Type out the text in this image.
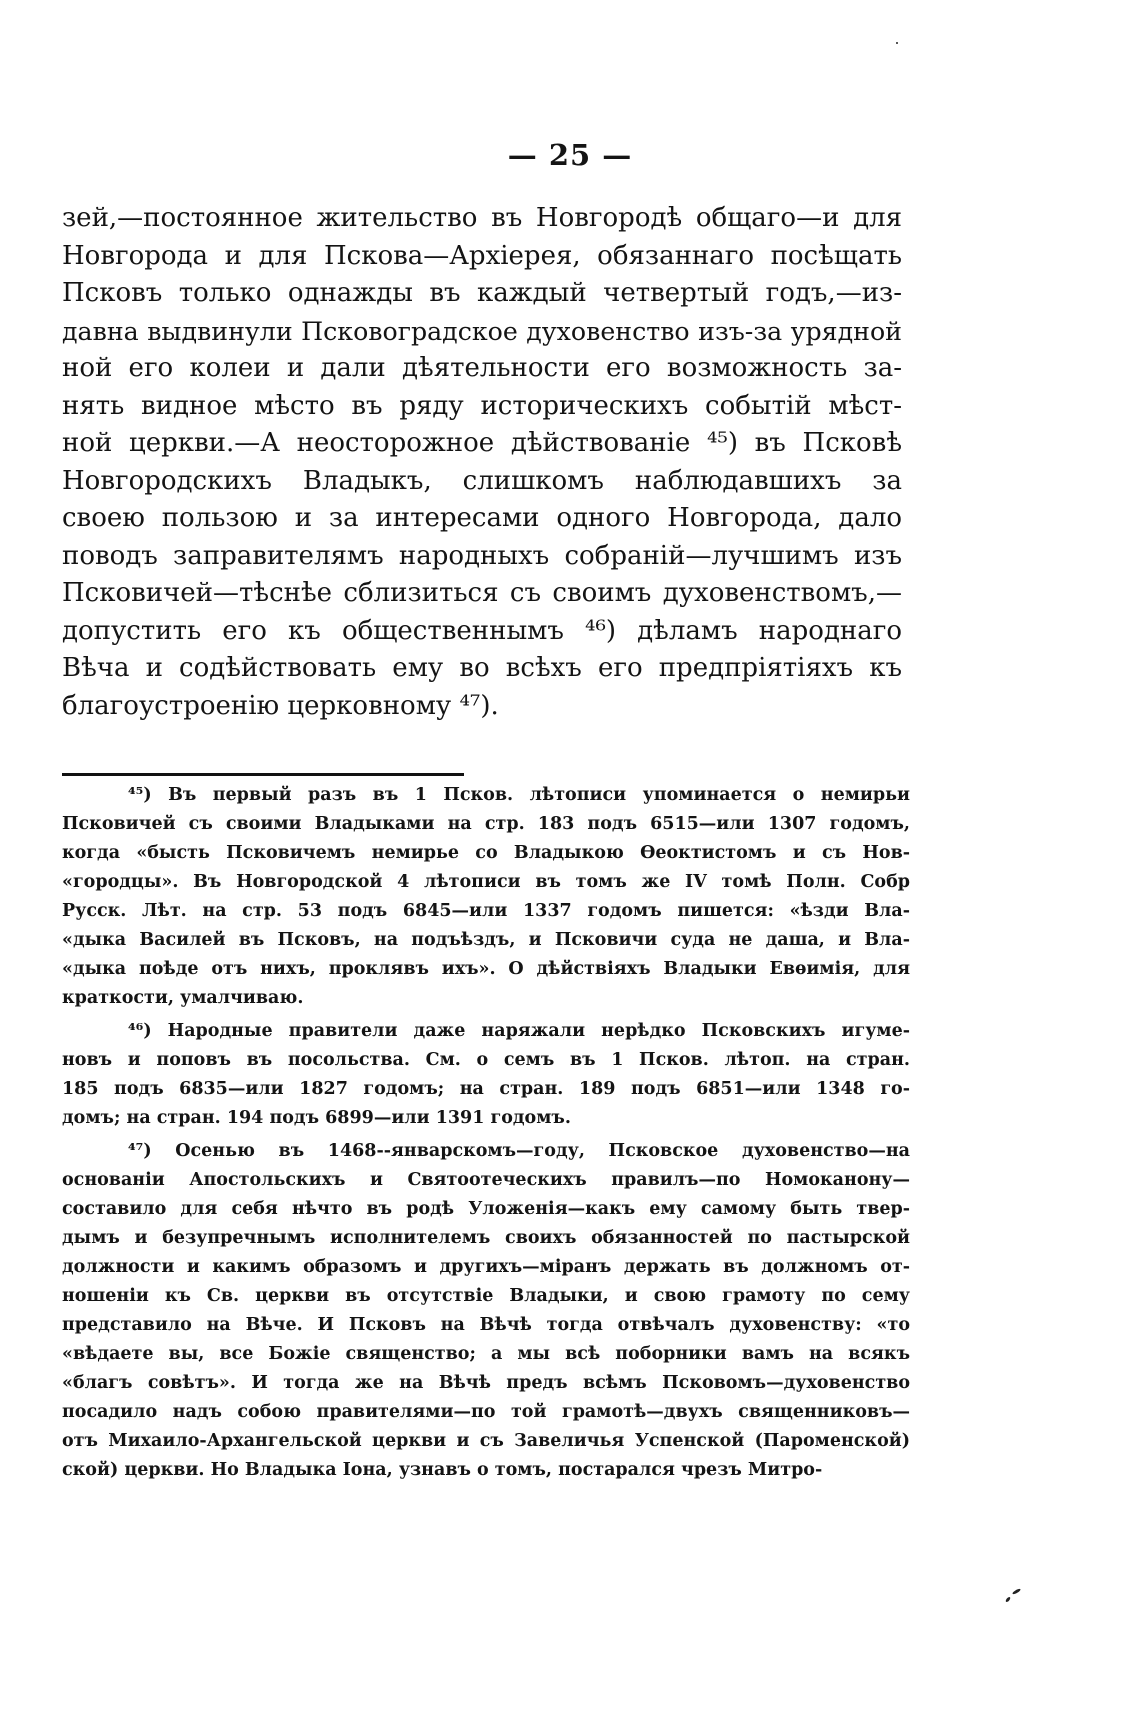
— 25 —
зей,—постоянное жительство въ Новгородѣ общаго—и для
Новгорода и для Пскова—Архіерея, обязаннаго посѣщать
Псковъ только однажды въ каждый четвертый годъ,—из-
давна выдвинули Псковоградское духовенство изъ-за урядной
ной его колеи и дали дѣятельности его возможность за-
нять видное мѣсто въ ряду историческихъ событій мѣст-
ной церкви.—А неосторожное дѣйствованіе ⁴⁵) въ Псковѣ
Новгородскихъ Владыкъ, слишкомъ наблюдавшихъ за
своею пользою и за интересами одного Новгорода, дало
поводъ заправителямъ народныхъ собраній—лучшимъ изъ
Псковичей—тѣснѣе сблизиться съ своимъ духовенствомъ,—
допустить его къ общественнымъ ⁴⁶) дѣламъ народнаго
Вѣча и содѣйствовать ему во всѣхъ его предпріятіяхъ къ
благоустроенію церковному ⁴⁷).
⁴⁵) Въ первый разъ въ 1 Псков. лѣтописи упоминается о немирьи
Псковичей съ своими Владыками на стр. 183 подъ 6515—или 1307 годомъ,
когда «бысть Псковичемъ немирье со Владыкою Өеоктистомъ и съ Нов-
«городцы». Въ Новгородской 4 лѣтописи въ томъ же IV томѣ Полн. Собр
Русск. Лѣт. на стр. 53 подъ 6845—или 1337 годомъ пишется: «ѣзди Вла-
«дыка Василей въ Псковъ, на подъѣздъ, и Псковичи суда не даша, и Вла-
«дыка поѣде отъ нихъ, проклявъ ихъ». О дѣйствіяхъ Владыки Евѳимія, для
краткости, умалчиваю.
⁴⁶) Народные правители даже наряжали нерѣдко Псковскихъ игуме-
новъ и поповъ въ посольства. См. о семъ въ 1 Псков. лѣтоп. на стран.
185 подъ 6835—или 1827 годомъ; на стран. 189 подъ 6851—или 1348 го-
домъ; на стран. 194 подъ 6899—или 1391 годомъ.
⁴⁷) Осенью въ 1468--январскомъ—году, Псковское духовенство—на
основаніи Апостольскихъ и Святоотеческихъ правилъ—по Номоканону—
составило для себя нѣчто въ родѣ Уложенія—какъ ему самому быть твер-
дымъ и безупречнымъ исполнителемъ своихъ обязанностей по пастырской
должности и какимъ образомъ и другихъ—міранъ держать въ должномъ от-
ношеніи къ Св. церкви въ отсутствіе Владыки, и свою грамоту по сему
представило на Вѣче. И Псковъ на Вѣчѣ тогда отвѣчалъ духовенству: «то
«вѣдаете вы, все Божіе священство; а мы всѣ поборники вамъ на всякъ
«благъ совѣтъ». И тогда же на Вѣчѣ предъ всѣмъ Псковомъ—духовенство
посадило надъ собою правителями—по той грамотѣ—двухъ священниковъ—
отъ Михаило-Архангельской церкви и съ Завеличья Успенской (Пароменской)
ской) церкви. Но Владыка Іона, узнавъ о томъ, постарался чрезъ Митро-
